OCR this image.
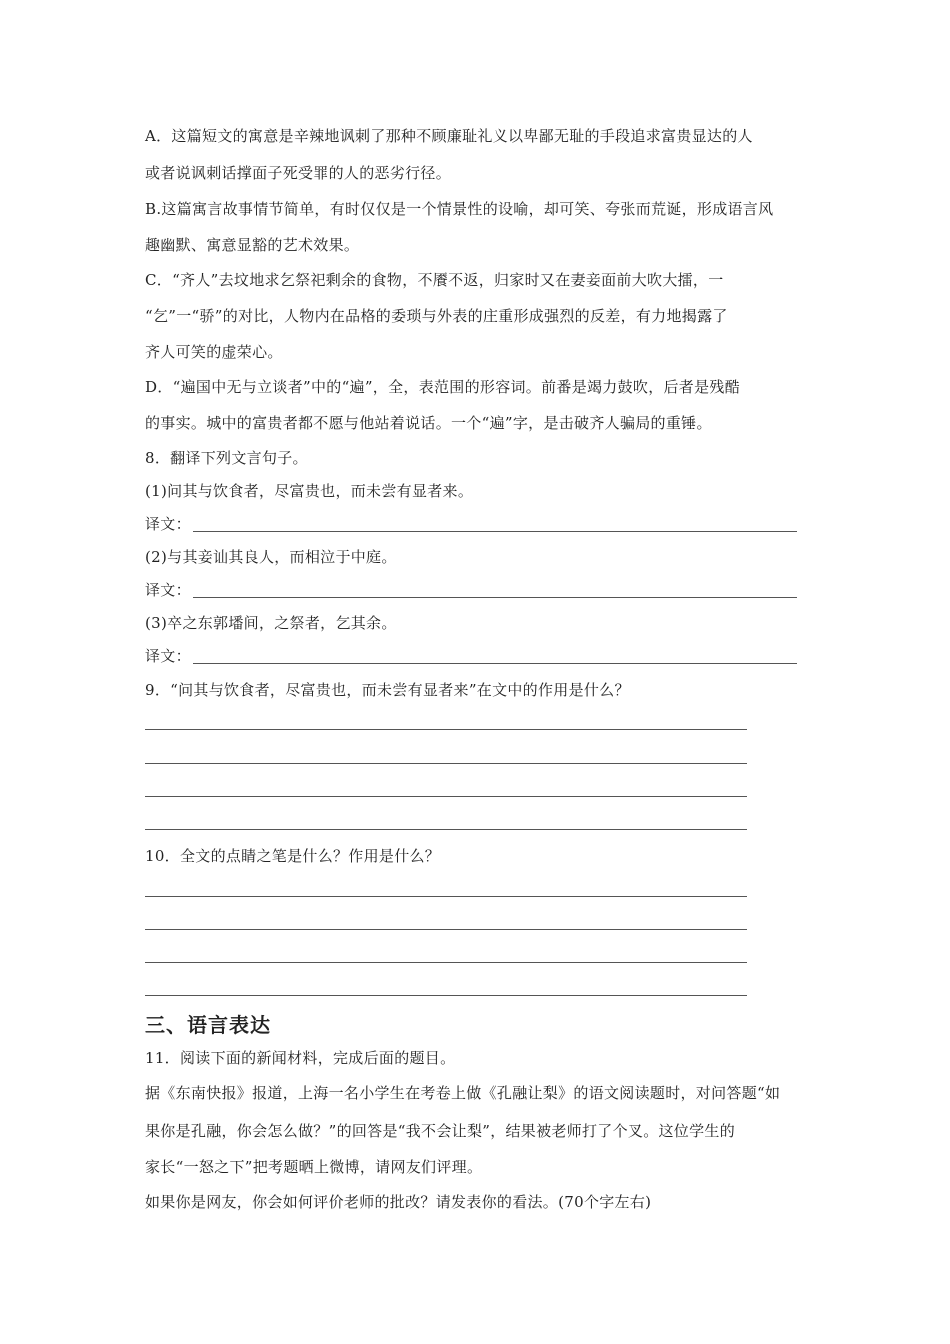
A．这篇短文的寓意是辛辣地讽刺了那种不顾廉耻礼义以卑鄙无耻的手段追求富贵显达的人
或者说讽刺话撑面子死受罪的人的恶劣行径。
B.这篇寓言故事情节简单，有时仅仅是一个情景性的设喻，却可笑、夸张而荒诞，形成语言风
趣幽默、寓意显豁的艺术效果。
C．“齐人”去坟地求乞祭祀剩余的食物，不餍不返，归家时又在妻妾面前大吹大擂，一
“乞”一“骄”的对比，人物内在品格的委琐与外表的庄重形成强烈的反差，有力地揭露了
齐人可笑的虚荣心。
D．“遍国中无与立谈者”中的“遍”，全，表范围的形容词。前番是竭力鼓吹，后者是残酷
的事实。城中的富贵者都不愿与他站着说话。一个“遍”字，是击破齐人骗局的重锤。
8．翻译下列文言句子。
(1)问其与饮食者，尽富贵也，而未尝有显者来。
译文：
(2)与其妾讪其良人，而相泣于中庭。
译文：
(3)卒之东郭墦间，之祭者，乞其余。
译文：
9．“问其与饮食者，尽富贵也，而未尝有显者来”在文中的作用是什么？
10．全文的点睛之笔是什么？作用是什么？
三、语言表达
11．阅读下面的新闻材料，完成后面的题目。
据《东南快报》报道，上海一名小学生在考卷上做《孔融让梨》的语文阅读题时，对问答题“如
果你是孔融，你会怎么做？”的回答是“我不会让梨”，结果被老师打了个叉。这位学生的
家长“一怒之下”把考题晒上微博，请网友们评理。
如果你是网友，你会如何评价老师的批改？请发表你的看法。(70个字左右)
